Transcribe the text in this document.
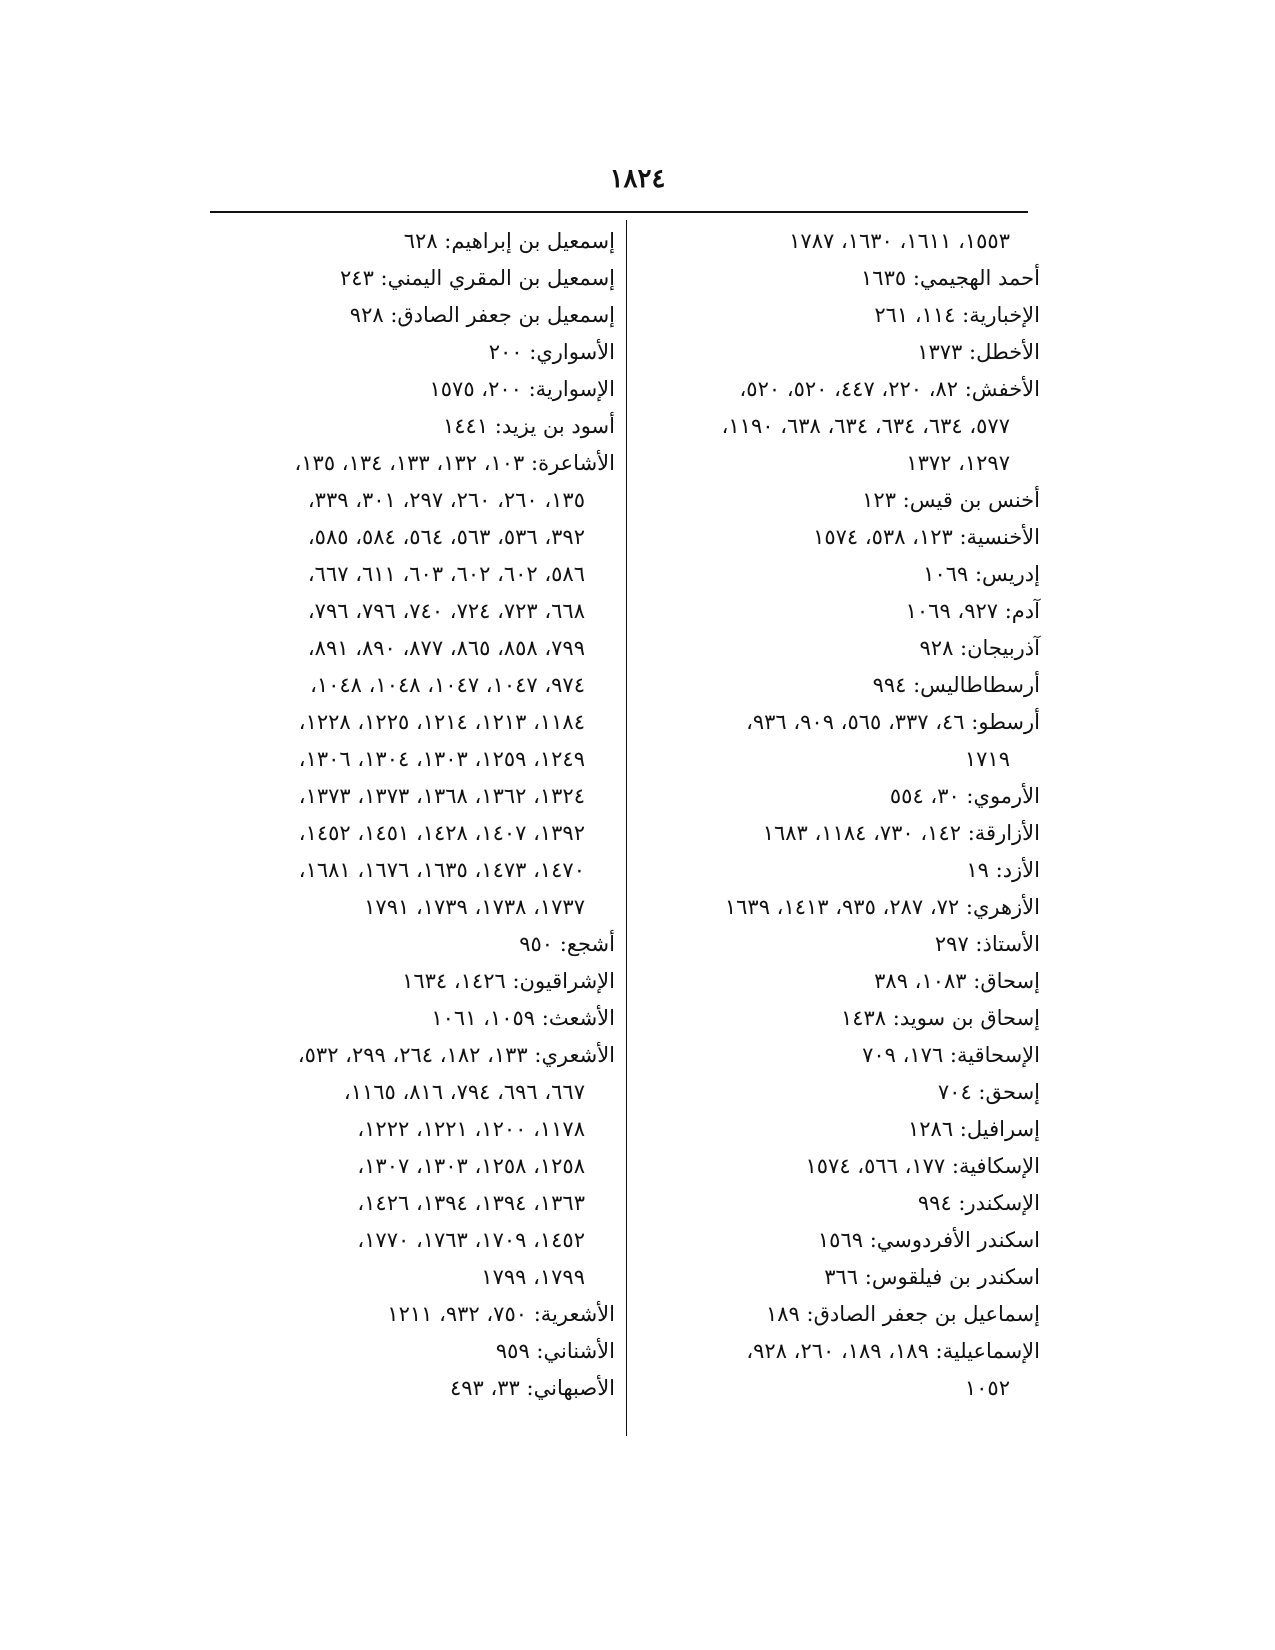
١٨٢٤

١٥٥٣، ١٦١١، ١٦٣٠، ١٧٨٧

أحمد الهجيمي: ١٦٣٥

الإخبارية: ١١٤، ٢٦١

الأخطل: ١٣٧٣

الأخفش: ٨٢، ٢٢٠، ٤٤٧، ٥٢٠، ٥٢٠،

٥٧٧، ٦٣٤، ٦٣٤، ٦٣٤، ٦٣٨، ١١٩٠،

١٢٩٧، ١٣٧٢

أخنس بن قيس: ١٢٣

الأخنسية: ١٢٣، ٥٣٨، ١٥٧٤

إدريس: ١٠٦٩

آدم: ٩٢٧، ١٠٦٩

آذربيجان: ٩٢٨

أرسطاطاليس: ٩٩٤

أرسطو: ٤٦، ٣٣٧، ٥٦٥، ٩٠٩، ٩٣٦،

١٧١٩

الأرموي: ٣٠، ٥٥٤

الأزارقة: ١٤٢، ٧٣٠، ١١٨٤، ١٦٨٣

الأزد: ١٩

الأزهري: ٧٢، ٢٨٧، ٩٣٥، ١٤١٣، ١٦٣٩

الأستاذ: ٢٩٧

إسحاق: ١٠٨٣، ٣٨٩

إسحاق بن سويد: ١٤٣٨

الإسحاقية: ١٧٦، ٧٠٩

إسحق: ٧٠٤

إسرافيل: ١٢٨٦

الإسكافية: ١٧٧، ٥٦٦، ١٥٧٤

الإسكندر: ٩٩٤

اسكندر الأفردوسي: ١٥٦٩

اسكندر بن فيلقوس: ٣٦٦

إسماعيل بن جعفر الصادق: ١٨٩

الإسماعيلية: ١٨٩، ١٨٩، ٢٦٠، ٩٢٨،

١٠٥٢

إسمعيل بن إبراهيم: ٦٢٨

إسمعيل بن المقري اليمني: ٢٤٣

إسمعيل بن جعفر الصادق: ٩٢٨

الأسواري: ٢٠٠

الإسوارية: ٢٠٠، ١٥٧٥

أسود بن يزيد: ١٤٤١

الأشاعرة: ١٠٣، ١٣٢، ١٣٣، ١٣٤، ١٣٥،

١٣٥، ٢٦٠، ٢٦٠، ٢٩٧، ٣٠١، ٣٣٩،

٣٩٢، ٥٣٦، ٥٦٣، ٥٦٤، ٥٨٤، ٥٨٥،

٥٨٦، ٦٠٢، ٦٠٢، ٦٠٣، ٦١١، ٦٦٧،

٦٦٨، ٧٢٣، ٧٢٤، ٧٤٠، ٧٩٦، ٧٩٦،

٧٩٩، ٨٥٨، ٨٦٥، ٨٧٧، ٨٩٠، ٨٩١،

٩٧٤، ١٠٤٧، ١٠٤٧، ١٠٤٨، ١٠٤٨،

١١٨٤، ١٢١٣، ١٢١٤، ١٢٢٥، ١٢٢٨،

١٢٤٩، ١٢٥٩، ١٣٠٣، ١٣٠٤، ١٣٠٦،

١٣٢٤، ١٣٦٢، ١٣٦٨، ١٣٧٣، ١٣٧٣،

١٣٩٢، ١٤٠٧، ١٤٢٨، ١٤٥١، ١٤٥٢،

١٤٧٠، ١٤٧٣، ١٦٣٥، ١٦٧٦، ١٦٨١،

١٧٣٧، ١٧٣٨، ١٧٣٩، ١٧٩١

أشجع: ٩٥٠

الإشراقيون: ١٤٢٦، ١٦٣٤

الأشعث: ١٠٥٩، ١٠٦١

الأشعري: ١٣٣، ١٨٢، ٢٦٤، ٢٩٩، ٥٣٢،

٦٦٧، ٦٩٦، ٧٩٤، ٨١٦، ١١٦٥،

١١٧٨، ١٢٠٠، ١٢٢١، ١٢٢٢،

١٢٥٨، ١٢٥٨، ١٣٠٣، ١٣٠٧،

١٣٦٣، ١٣٩٤، ١٣٩٤، ١٤٢٦،

١٤٥٢، ١٧٠٩، ١٧٦٣، ١٧٧٠،

١٧٩٩، ١٧٩٩

الأشعرية: ٧٥٠، ٩٣٢، ١٢١١

الأشناني: ٩٥٩

الأصبهاني: ٣٣، ٤٩٣
